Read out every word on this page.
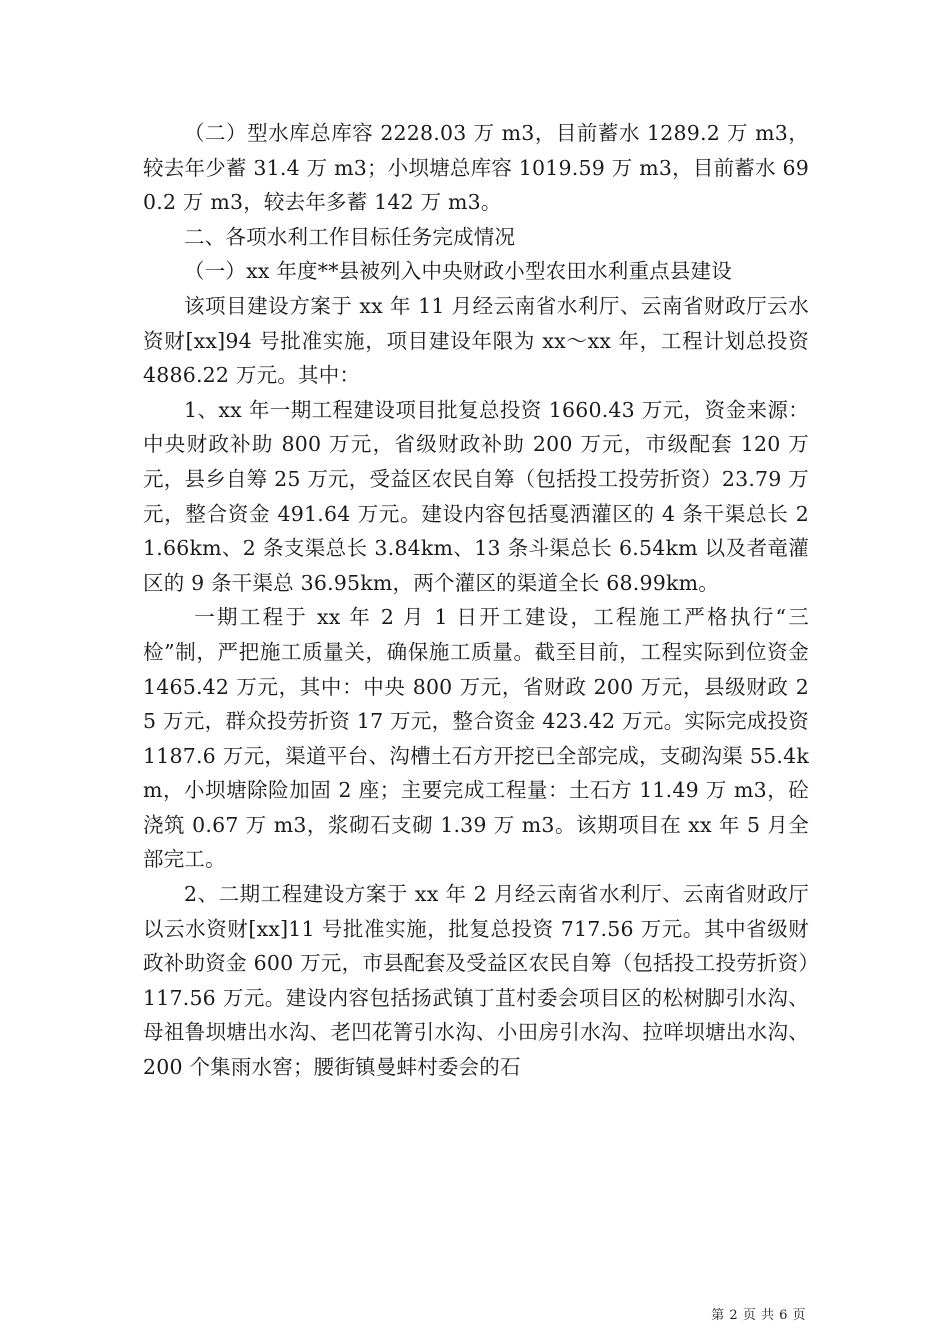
（二）型水库总库容 2228.03 万 m3，目前蓄水 1289.2 万 m3，较去年少蓄 31.4 万 m3；小坝塘总库容 1019.59 万 m3，目前蓄水 690.2 万 m3，较去年多蓄 142 万 m3。

二、各项水利工作目标任务完成情况

（一）xx 年度**县被列入中央财政小型农田水利重点县建设

该项目建设方案于 xx 年 11 月经云南省水利厅、云南省财政厅云水资财[xx]94 号批准实施，项目建设年限为 xx～xx 年，工程计划总投资 4886.22 万元。其中：

1、xx 年一期工程建设项目批复总投资 1660.43 万元，资金来源：中央财政补助 800 万元，省级财政补助 200 万元，市级配套 120 万元，县乡自筹 25 万元，受益区农民自筹（包括投工投劳折资）23.79 万元，整合资金 491.64 万元。建设内容包括戛洒灌区的 4 条干渠总长 21.66km、2 条支渠总长 3.84km、13 条斗渠总长 6.54km 以及者竜灌区的 9 条干渠总 36.95km，两个灌区的渠道全长 68.99km。

一期工程于 xx 年 2 月 1 日开工建设，工程施工严格执行“三检”制，严把施工质量关，确保施工质量。截至目前，工程实际到位资金 1465.42 万元，其中：中央 800 万元，省财政 200 万元，县级财政 25 万元，群众投劳折资 17 万元，整合资金 423.42 万元。实际完成投资 1187.6 万元，渠道平台、沟槽土石方开挖已全部完成，支砌沟渠 55.4km，小坝塘除险加固 2 座；主要完成工程量：土石方 11.49 万 m3，砼浇筑 0.67 万 m3，浆砌石支砌 1.39 万 m3。该期项目在 xx 年 5 月全部完工。

2、二期工程建设方案于 xx 年 2 月经云南省水利厅、云南省财政厅以云水资财[xx]11 号批准实施，批复总投资 717.56 万元。其中省级财政补助资金 600 万元，市县配套及受益区农民自筹（包括投工投劳折资）117.56 万元。建设内容包括扬武镇丁苴村委会项目区的松树脚引水沟、母祖鲁坝塘出水沟、老凹花箐引水沟、小田房引水沟、拉咩坝塘出水沟、200 个集雨水窖；腰街镇曼蚌村委会的石

第 2 页 共 6 页
